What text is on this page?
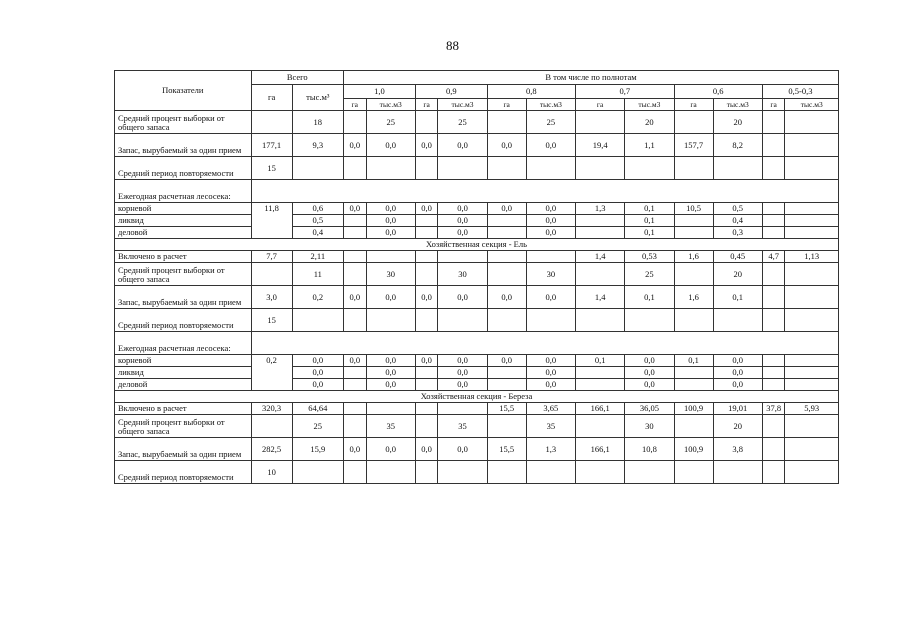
88
Показатели	Всего		В том числе по полнотам											
	га	тыс.м³	1,0		0,9		0,8		0,7		0,6		0,5-0,3	
			га	тыс.м3	га	тыс.м3	га	тыс.м3	га	тыс.м3	га	тыс.м3	га	тыс.м3
Средний процент выборки от общего запаса		18		25		25		25		20		20		
Запас, вырубаемый за один прием	177,1	9,3	0,0	0,0	0,0	0,0	0,0	0,0	19,4	1,1	157,7	8,2		
Средний период повторяемости	15													
Ежегодная расчетная лесосека:														
корневой	11,8	0,6	0,0	0,0	0,0	0,0	0,0	0,0	1,3	0,1	10,5	0,5		
ликвид		0,5		0,0		0,0		0,0		0,1		0,4		
деловой		0,4		0,0		0,0		0,0		0,1		0,3		
Хозяйственная секция - Ель														
Включено в расчет	7,7	2,11							1,4	0,53	1,6	0,45	4,7	1,13
Средний процент выборки от общего запаса		11		30		30		30		25		20		
Запас, вырубаемый за один прием	3,0	0,2	0,0	0,0	0,0	0,0	0,0	0,0	1,4	0,1	1,6	0,1		
Средний период повторяемости	15													
Ежегодная расчетная лесосека:														
корневой	0,2	0,0	0,0	0,0	0,0	0,0	0,0	0,0	0,1	0,0	0,1	0,0		
ликвид		0,0		0,0		0,0		0,0		0,0		0,0		
деловой		0,0		0,0		0,0		0,0		0,0		0,0		
Хозяйственная секция - Береза														
Включено в расчет	320,3	64,64					15,5	3,65	166,1	36,05	100,9	19,01	37,8	5,93
Средний процент выборки от общего запаса		25		35		35		35		30		20		
Запас, вырубаемый за один прием	282,5	15,9	0,0	0,0	0,0	0,0	15,5	1,3	166,1	10,8	100,9	3,8		
Средний период повторяемости	10													
